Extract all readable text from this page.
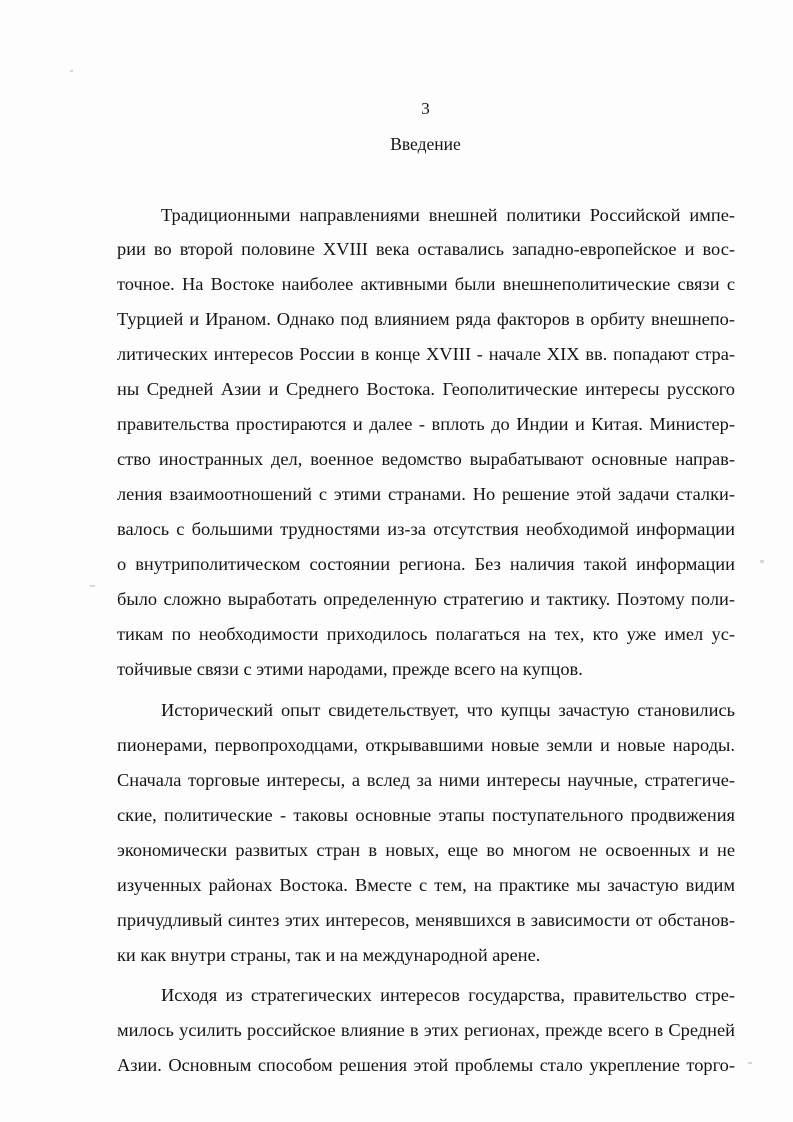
3
Введение
Традиционными направлениями внешней политики Российской импе-
рии во второй половине XVIII века оставались западно-европейское и вос-
точное. На Востоке наиболее активными были внешнеполитические связи с
Турцией и Ираном. Однако под влиянием ряда факторов в орбиту внешнепо-
литических интересов России в конце XVIII - начале XIX вв. попадают стра-
ны Средней Азии и Среднего Востока. Геополитические интересы русского
правительства простираются и далее - вплоть до Индии и Китая. Министер-
ство иностранных дел, военное ведомство вырабатывают основные направ-
ления взаимоотношений с этими странами. Но решение этой задачи сталки-
валось с большими трудностями из-за отсутствия необходимой информации
о внутриполитическом состоянии региона. Без наличия такой информации
было сложно выработать определенную стратегию и тактику. Поэтому поли-
тикам по необходимости приходилось полагаться на тех, кто уже имел ус-
тойчивые связи с этими народами, прежде всего на купцов.
Исторический опыт свидетельствует, что купцы зачастую становились
пионерами, первопроходцами, открывавшими новые земли и новые народы.
Сначала торговые интересы, а вслед за ними интересы научные, стратегиче-
ские, политические - таковы основные этапы поступательного продвижения
экономически развитых стран в новых, еще во многом не освоенных и не
изученных районах Востока. Вместе с тем, на практике мы зачастую видим
причудливый синтез этих интересов, менявшихся в зависимости от обстанов-
ки как внутри страны, так и на международной арене.
Исходя из стратегических интересов государства, правительство стре-
милось усилить российское влияние в этих регионах, прежде всего в Средней
Азии. Основным способом решения этой проблемы стало укрепление торго-
